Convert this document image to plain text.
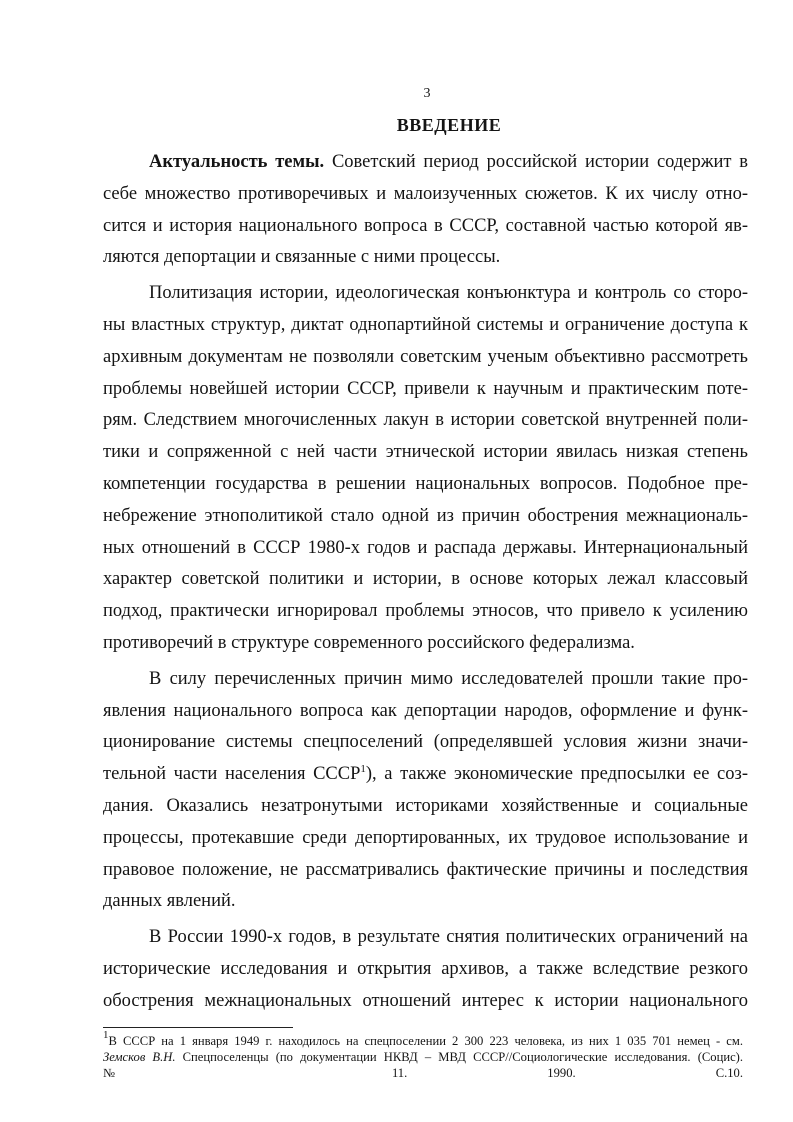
3
ВВЕДЕНИЕ

Актуальность темы. Советский период российской истории содержит в
себе множество противоречивых и малоизученных сюжетов. К их числу отно-
сится и история национального вопроса в СССР, составной частью которой яв-
ляются депортации и связанные с ними процессы.

Политизация истории, идеологическая конъюнктура и контроль со сторо-
ны властных структур, диктат однопартийной системы и ограничение доступа к
архивным документам не позволяли советским ученым объективно рассмотреть
проблемы новейшей истории СССР, привели к научным и практическим поте-
рям. Следствием многочисленных лакун в истории советской внутренней поли-
тики и сопряженной с ней части этнической истории явилась низкая степень
компетенции государства в решении национальных вопросов. Подобное пре-
небрежение этнополитикой стало одной из причин обострения межнациональ-
ных отношений в СССР 1980-х годов и распада державы. Интернациональный
характер советской политики и истории, в основе которых лежал классовый
подход, практически игнорировал проблемы этносов, что привело к усилению
противоречий в структуре современного российского федерализма.

В силу перечисленных причин мимо исследователей прошли такие про-
явления национального вопроса как депортации народов, оформление и функ-
ционирование системы спецпоселений (определявшей условия жизни значи-
тельной части населения СССР$^1$), а также экономические предпосылки ее соз-
дания. Оказались незатронутыми историками хозяйственные и социальные
процессы, протекавшие среди депортированных, их трудовое использование и
правовое положение, не рассматривались фактические причины и последствия
данных явлений.

В России 1990-х годов, в результате снятия политических ограничений на
исторические исследования и открытия архивов, а также вследствие резкого
обострения межнациональных отношений интерес к истории национального

$^1$В СССР на 1 января 1949 г. находилось на спецпоселении 2 300 223 человека, из них 1 035 701 немец - см.
Земсков В.Н. Спецпоселенцы (по документации НКВД – МВД СССР//Социологические исследования. (Социс).
№ 11. 1990. С.10.
